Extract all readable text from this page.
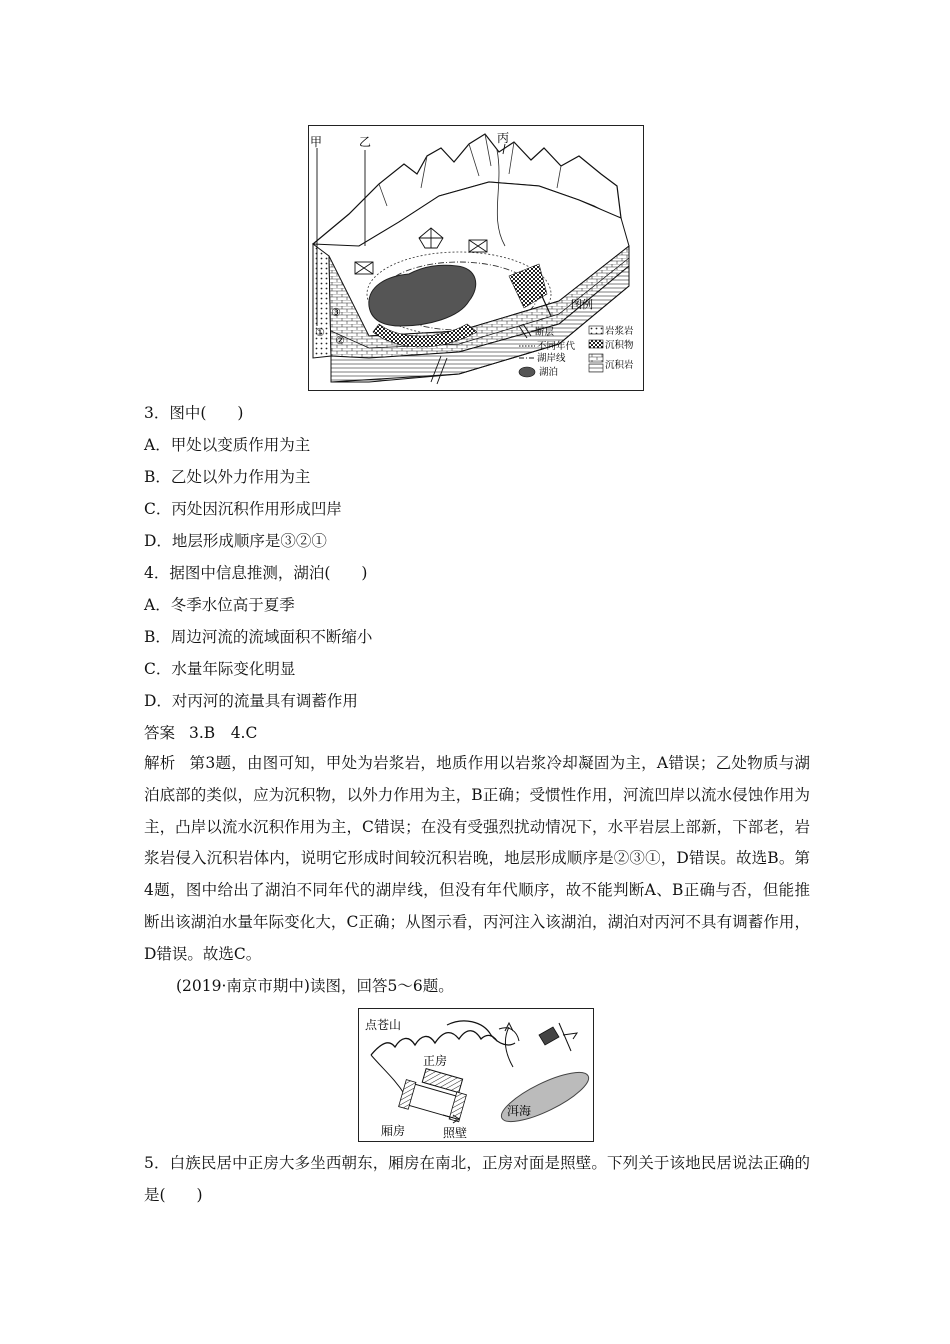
甲	乙	丙
①
②
③
图例
断层
不同年代
湖岸线
湖泊
岩浆岩
沉积物
沉积岩
3．图中(　　)
A．甲处以变质作用为主
B．乙处以外力作用为主
C．丙处因沉积作用形成凹岸
D．地层形成顺序是③②①
4．据图中信息推测，湖泊(　　)
A．冬季水位高于夏季
B．周边河流的流域面积不断缩小
C．水量年际变化明显
D．对丙河的流量具有调蓄作用
答案 3.B　4.C
解析 第3题，由图可知，甲处为岩浆岩，地质作用以岩浆冷却凝固为主，A错误；乙处物质与湖泊底部的类似，应为沉积物，以外力作用为主，B正确；受惯性作用，河流凹岸以流水侵蚀作用为主，凸岸以流水沉积作用为主，C错误；在没有受强烈扰动情况下，水平岩层上部新，下部老，岩浆岩侵入沉积岩体内，说明它形成时间较沉积岩晚，地层形成顺序是②③①，D错误。故选B。第4题，图中给出了湖泊不同年代的湖岸线，但没有年代顺序，故不能判断A、B正确与否，但能推断出该湖泊水量年际变化大，C正确；从图示看，丙河注入该湖泊，湖泊对丙河不具有调蓄作用，D错误。故选C。
(2019·南京市期中)读图，回答5～6题。
点苍山
正房
洱海
厢房	照壁
5．白族民居中正房大多坐西朝东，厢房在南北，正房对面是照壁。下列关于该地民居说法正确的是(　　)
